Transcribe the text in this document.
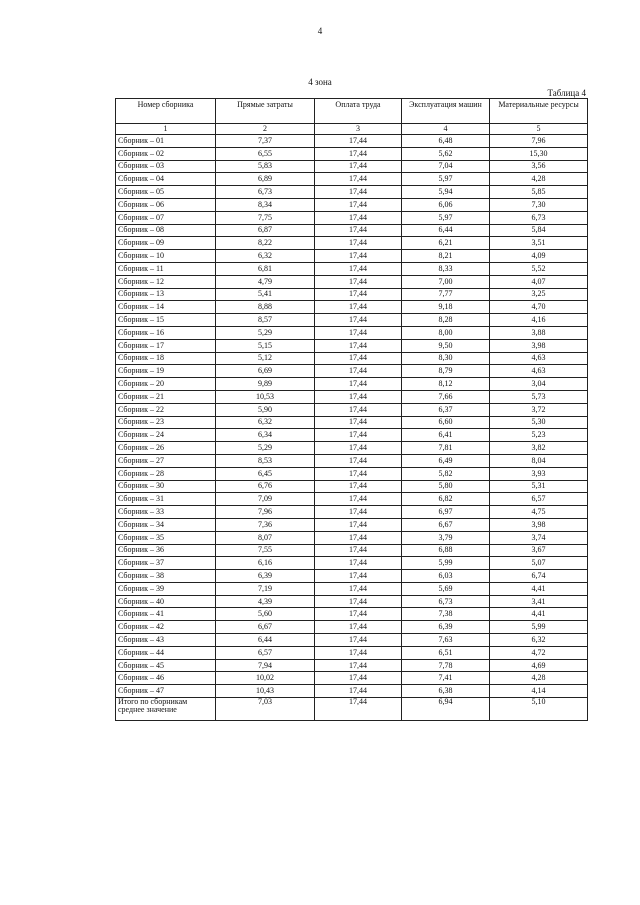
4
4 зона
Таблица 4
Номер сборника	Прямые затраты	Оплата труда	Эксплуатация машин	Материальные ресурсы
1	2	3	4	5
Сборник – 01	7,37	17,44	6,48	7,96
Сборник – 02	6,55	17,44	5,62	15,30
Сборник – 03	5,83	17,44	7,04	3,56
Сборник – 04	6,89	17,44	5,97	4,28
Сборник – 05	6,73	17,44	5,94	5,85
Сборник – 06	8,34	17,44	6,06	7,30
Сборник – 07	7,75	17,44	5,97	6,73
Сборник – 08	6,87	17,44	6,44	5,84
Сборник – 09	8,22	17,44	6,21	3,51
Сборник – 10	6,32	17,44	8,21	4,09
Сборник – 11	6,81	17,44	8,33	5,52
Сборник – 12	4,79	17,44	7,00	4,07
Сборник – 13	5,41	17,44	7,77	3,25
Сборник – 14	8,88	17,44	9,18	4,70
Сборник – 15	8,57	17,44	8,28	4,16
Сборник – 16	5,29	17,44	8,00	3,88
Сборник – 17	5,15	17,44	9,50	3,98
Сборник – 18	5,12	17,44	8,30	4,63
Сборник – 19	6,69	17,44	8,79	4,63
Сборник – 20	9,89	17,44	8,12	3,04
Сборник – 21	10,53	17,44	7,66	5,73
Сборник – 22	5,90	17,44	6,37	3,72
Сборник – 23	6,32	17,44	6,60	5,30
Сборник – 24	6,34	17,44	6,41	5,23
Сборник – 26	5,29	17,44	7,81	3,82
Сборник – 27	8,53	17,44	6,49	8,04
Сборник – 28	6,45	17,44	5,82	3,93
Сборник – 30	6,76	17,44	5,80	5,31
Сборник – 31	7,09	17,44	6,82	6,57
Сборник – 33	7,96	17,44	6,97	4,75
Сборник – 34	7,36	17,44	6,67	3,98
Сборник – 35	8,07	17,44	3,79	3,74
Сборник – 36	7,55	17,44	6,88	3,67
Сборник – 37	6,16	17,44	5,99	5,07
Сборник – 38	6,39	17,44	6,03	6,74
Сборник – 39	7,19	17,44	5,69	4,41
Сборник – 40	4,39	17,44	6,73	3,41
Сборник – 41	5,60	17,44	7,38	4,41
Сборник – 42	6,67	17,44	6,39	5,99
Сборник – 43	6,44	17,44	7,63	6,32
Сборник – 44	6,57	17,44	6,51	4,72
Сборник – 45	7,94	17,44	7,78	4,69
Сборник – 46	10,02	17,44	7,41	4,28
Сборник – 47	10,43	17,44	6,38	4,14
Итого по сборникам среднее значение	7,03	17,44	6,94	5,10
